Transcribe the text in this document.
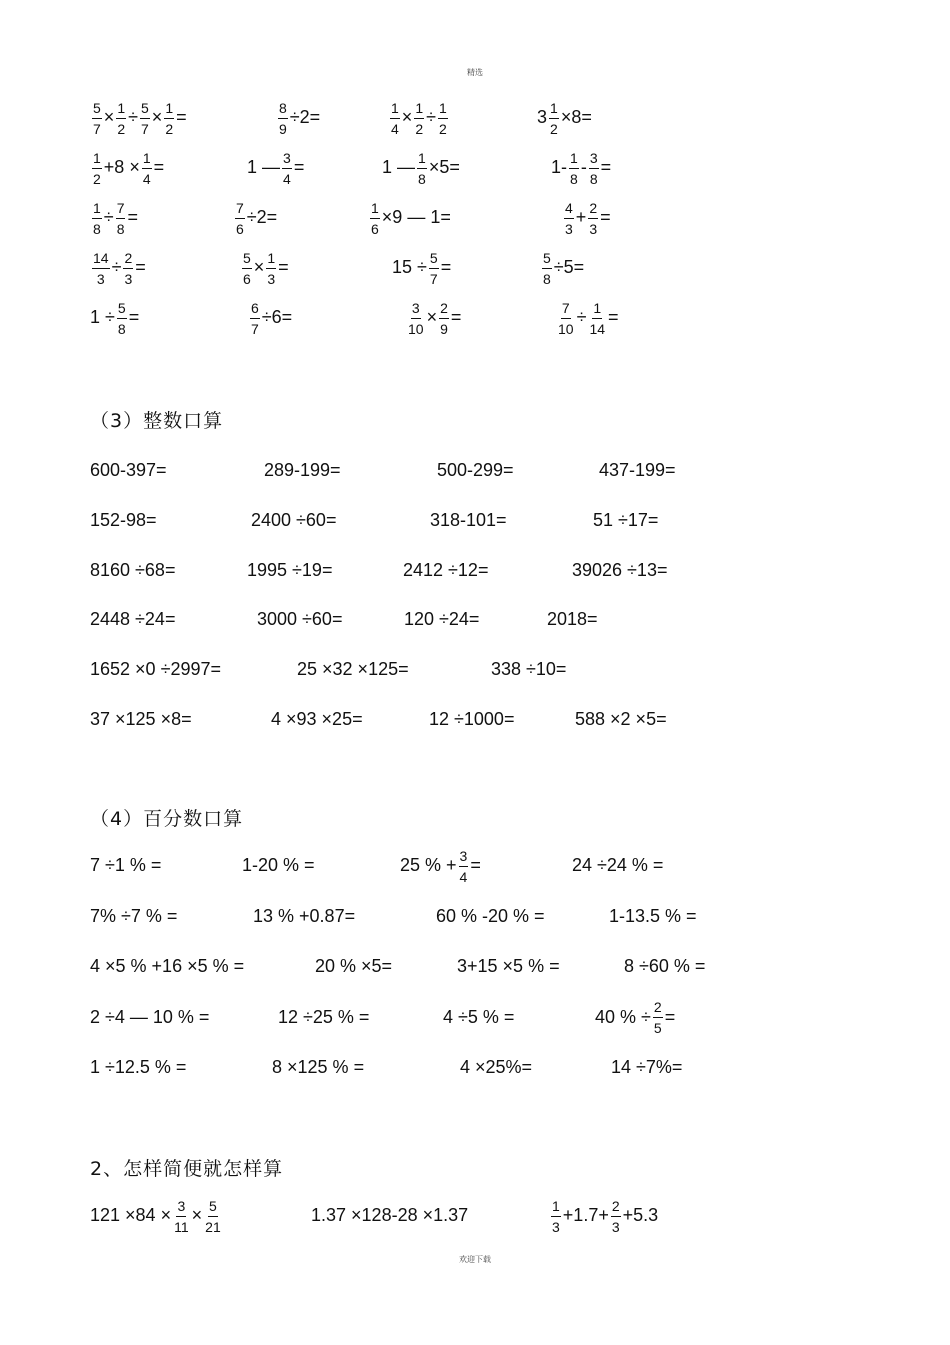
精选
$\frac{5}{7} \times \frac{1}{2} \div \frac{5}{7} \times \frac{1}{2}$ =	$\frac{8}{9} \div 2=$	$\frac{1}{4} \times \frac{1}{2} \div \frac{1}{2}$	$3 \frac{1}{2} \times 8=$
$\frac{1}{2} +8 \times \frac{1}{4}$ =	1 — $\frac{3}{4}$ =	1 — $\frac{1}{8} \times 5=$	$1- \frac{1}{8} - \frac{3}{8}$ =
$\frac{1}{8} \div \frac{7}{8}$ =	$\frac{7}{6} \div 2=$	$\frac{1}{6} \times 9$ — 1=	$\frac{4}{3} + \frac{2}{3}$ =
$\frac{14}{3} \div \frac{2}{3}$ =	$\frac{5}{6} \times \frac{1}{3}$ =	$15 \div \frac{5}{7}$ =	$\frac{5}{8} \div 5=$
$1 \div \frac{5}{8}$ =	$\frac{6}{7} \div 6=$	$\frac{3}{10} \times \frac{2}{9}$ =	$\frac{7}{10} \div \frac{1}{14}$ =
（3）整数口算
600-397=	289-199=	500-299=	437-199=
152-98=	2400 ÷60=	318-101=	51 ÷17=
8160 ÷68=	1995 ÷19=	2412 ÷12=	39026 ÷13=
2448 ÷24=	3000 ÷60=	120 ÷24=	2018=
1652 ×0 ÷2997=	25 ×32 ×125=	338 ÷10=
37 ×125 ×8=	4 ×93 ×25=	12 ÷1000=	588 ×2 ×5=
（4）百分数口算
7 ÷1 % =	1-20 % =	25 % + $\frac{3}{4}$ =	24 ÷24 % =
7% ÷7 % =	13 % +0.87=	60 % -20 % =	1-13.5 % =
4 ×5 % +16 ×5 % =	20 % ×5=	3+15 ×5 % =	8 ÷60 % =
2 ÷4 — 10 % =	12 ÷25 % =	4 ÷5 % =	40 % ÷ $\frac{2}{5}$ =
1 ÷12.5 % =	8 ×125 % =	4 ×25%=	14 ÷7%=
2、怎样简便就怎样算
$121 \times 84 \times \frac{3}{11} \times \frac{5}{21}$	1.37 ×128-28 ×1.37	$\frac{1}{3} +1.7+ \frac{2}{3} +5.3$
欢迎下载
